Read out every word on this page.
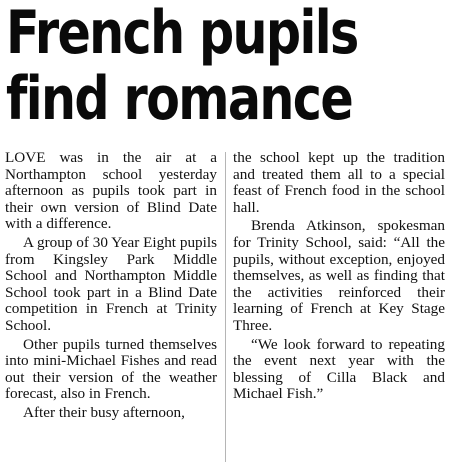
French pupils
find romance

LOVE was in the air at a Northampton school yesterday afternoon as pupils took part in their own version of Blind Date with a difference.

A group of 30 Year Eight pupils from Kingsley Park Middle School and Northampton Middle School took part in a Blind Date competition in French at Trinity School.

Other pupils turned themselves into mini-Michael Fishes and read out their version of the weather forecast, also in French.

After their busy afternoon,

the school kept up the tradition and treated them all to a special feast of French food in the school hall.

Brenda Atkinson, spokesman for Trinity School, said: “All the pupils, without exception, enjoyed themselves, as well as finding that the activities reinforced their learning of French at Key Stage Three.

“We look forward to repeating the event next year with the blessing of Cilla Black and Michael Fish.”
